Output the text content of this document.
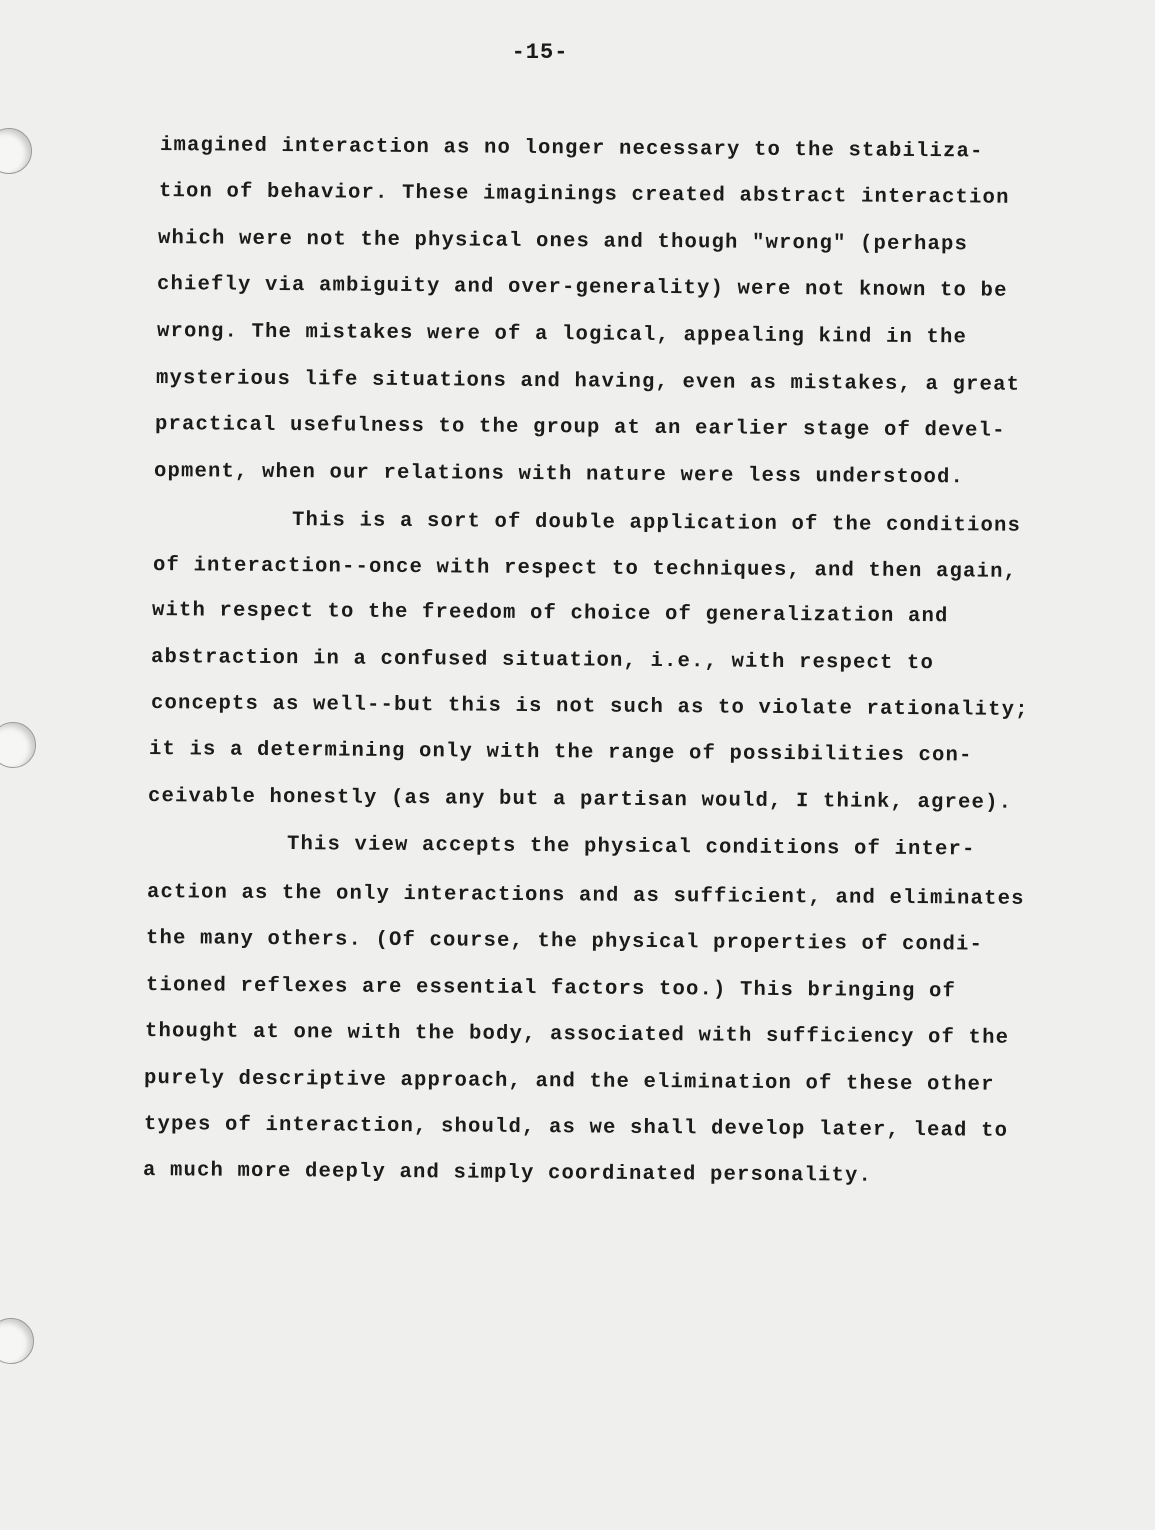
-15-
imagined interaction as no longer necessary to the stabiliza-
tion of behavior. These imaginings created abstract interaction
which were not the physical ones and though "wrong" (perhaps
chiefly via ambiguity and over-generality) were not known to be
wrong. The mistakes were of a logical, appealing kind in the
mysterious life situations and having, even as mistakes, a great
practical usefulness to the group at an earlier stage of devel-
opment, when our relations with nature were less understood.
This is a sort of double application of the conditions
of interaction--once with respect to techniques, and then again,
with respect to the freedom of choice of generalization and
abstraction in a confused situation, i.e., with respect to
concepts as well--but this is not such as to violate rationality;
it is a determining only with the range of possibilities con-
ceivable honestly (as any but a partisan would, I think, agree).
This view accepts the physical conditions of inter-
action as the only interactions and as sufficient, and eliminates
the many others. (Of course, the physical properties of condi-
tioned reflexes are essential factors too.) This bringing of
thought at one with the body, associated with sufficiency of the
purely descriptive approach, and the elimination of these other
types of interaction, should, as we shall develop later, lead to
a much more deeply and simply coordinated personality.
